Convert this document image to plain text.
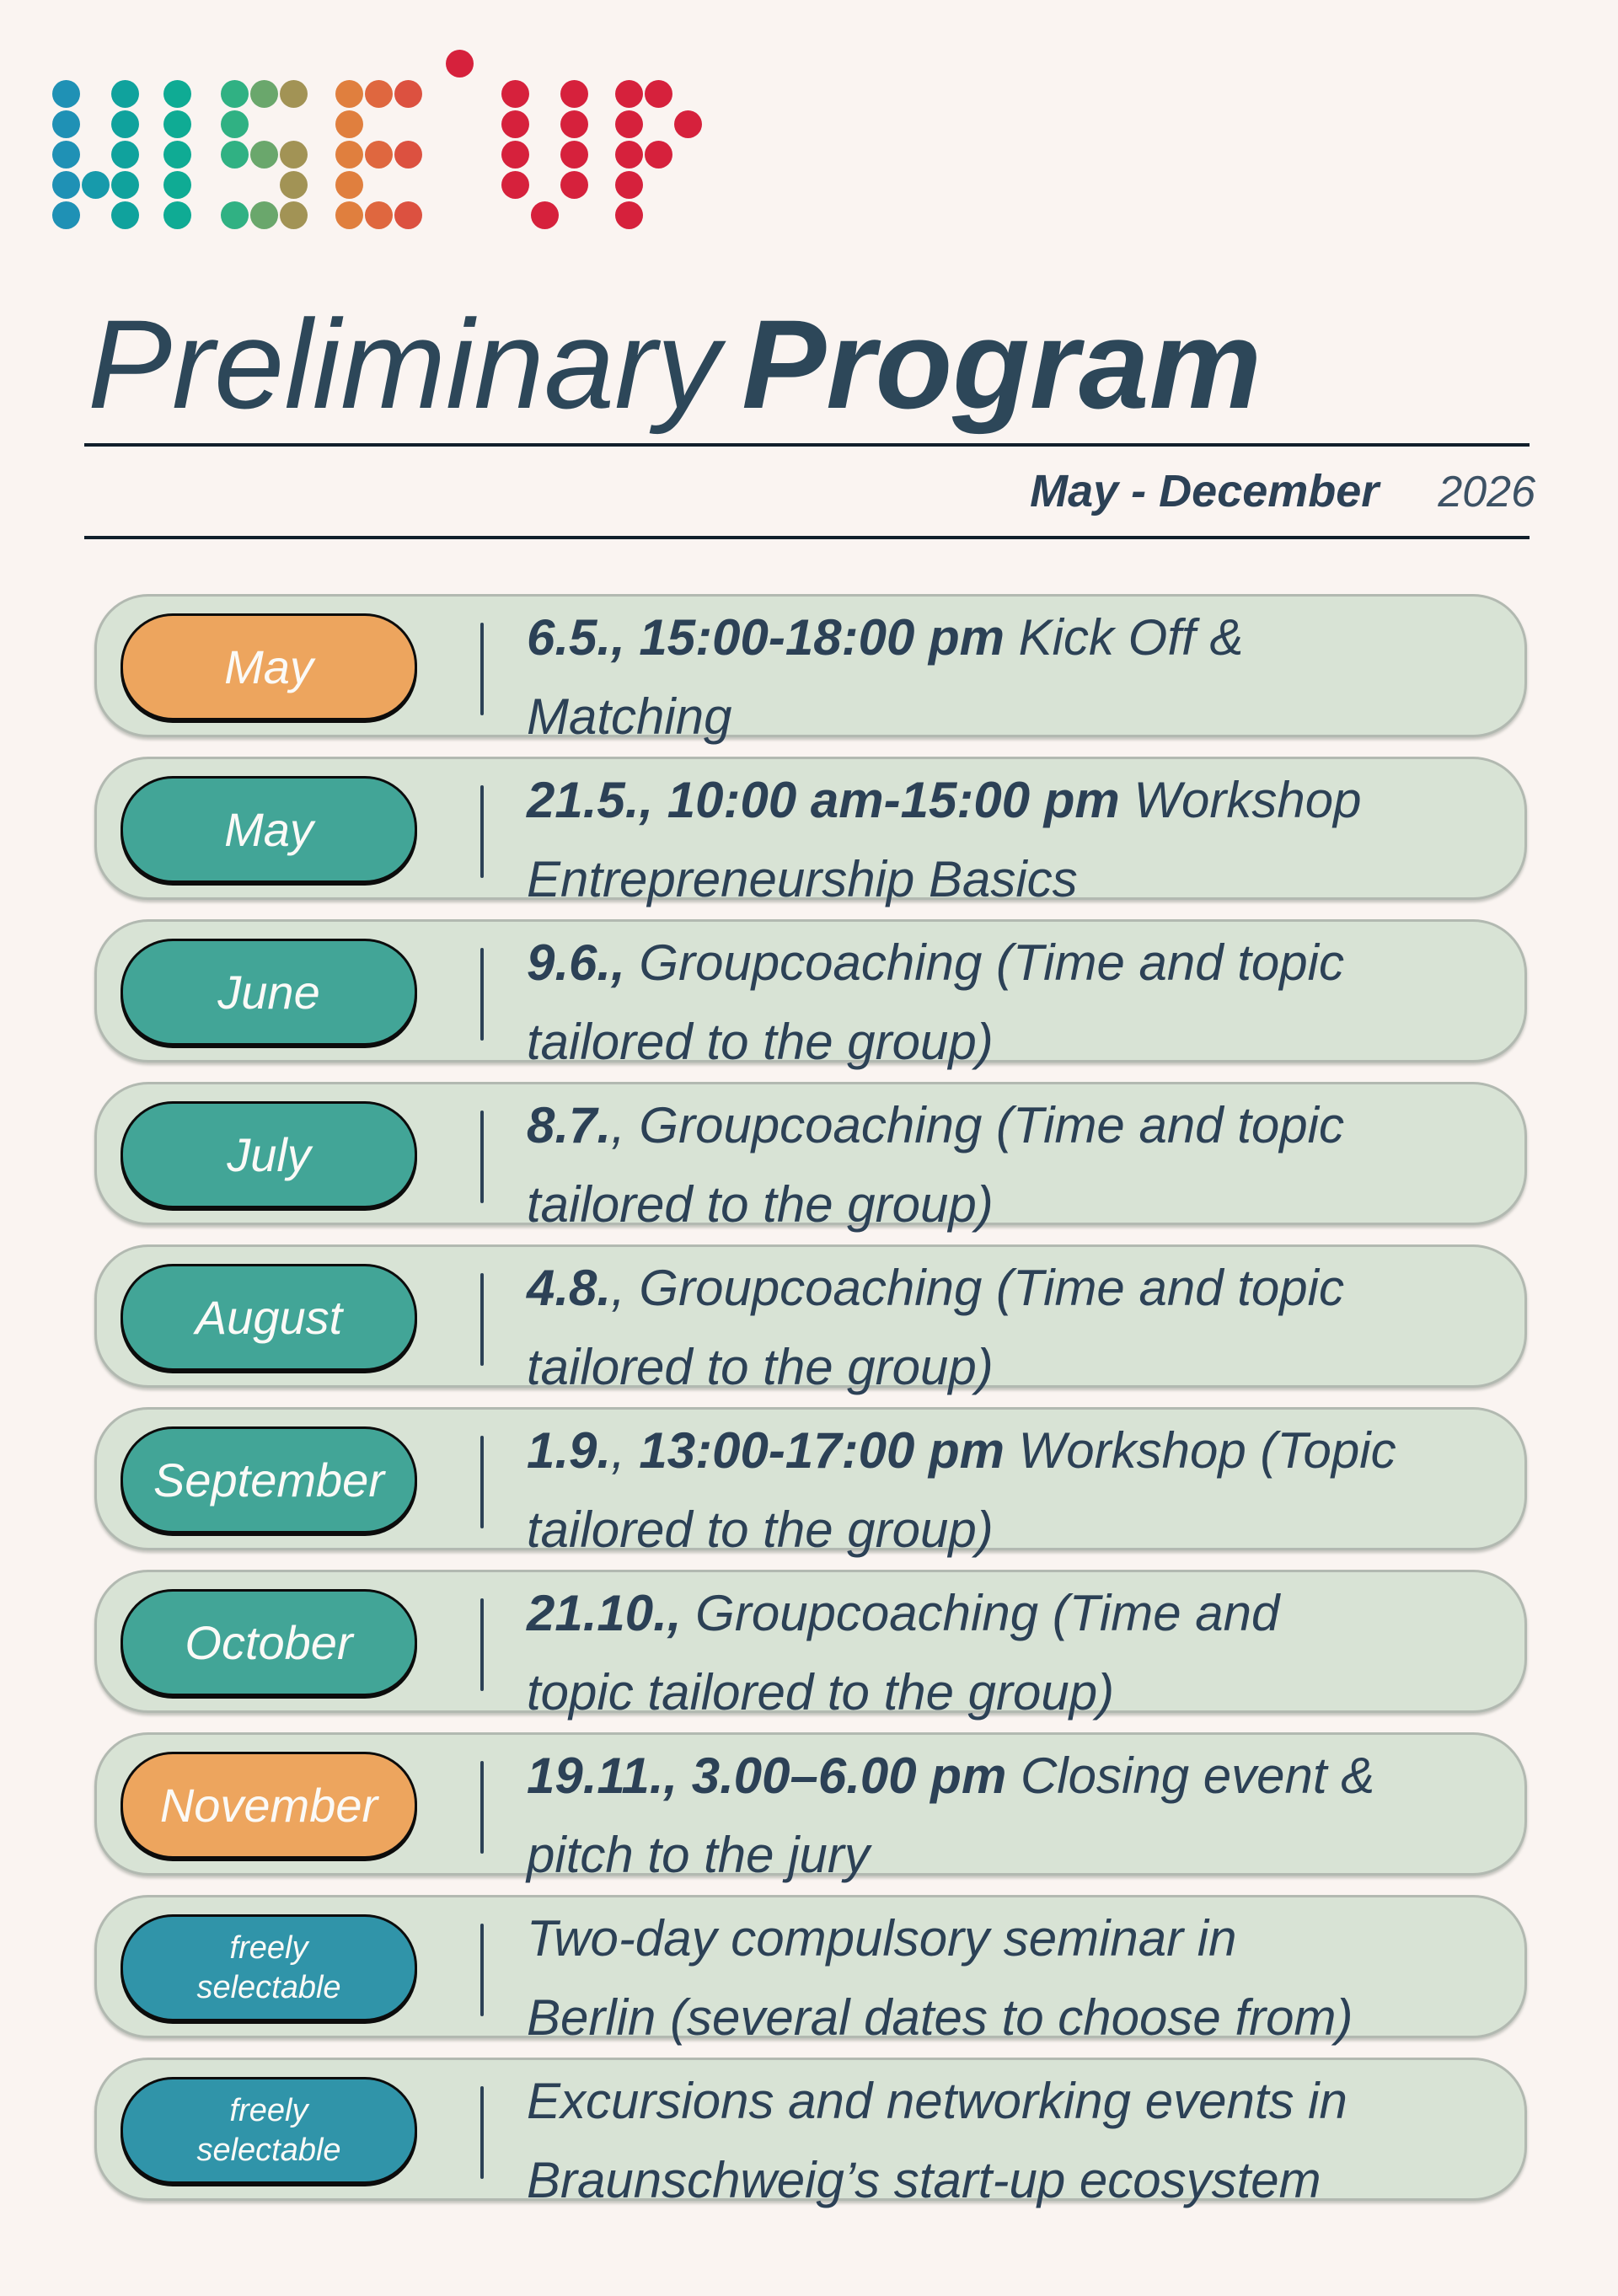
Preliminary Program
May - December 2026
May
6.5., 15:00-18:00 pm Kick Off &
Matching
May
21.5., 10:00 am-15:00 pm Workshop
Entrepreneurship Basics
June
9.6., Groupcoaching (Time and topic
tailored to the group)
July
8.7., Groupcoaching (Time and topic
tailored to the group)
August
4.8., Groupcoaching (Time and topic
tailored to the group)
September
1.9., 13:00-17:00 pm Workshop (Topic
tailored to the group)
October
21.10., Groupcoaching (Time and
topic tailored to the group)
November
19.11., 3.00–6.00 pm Closing event &
pitch to the jury
freely
selectable
Two-day compulsory seminar in
Berlin (several dates to choose from)
freely
selectable
Excursions and networking events in
Braunschweig’s start-up ecosystem
